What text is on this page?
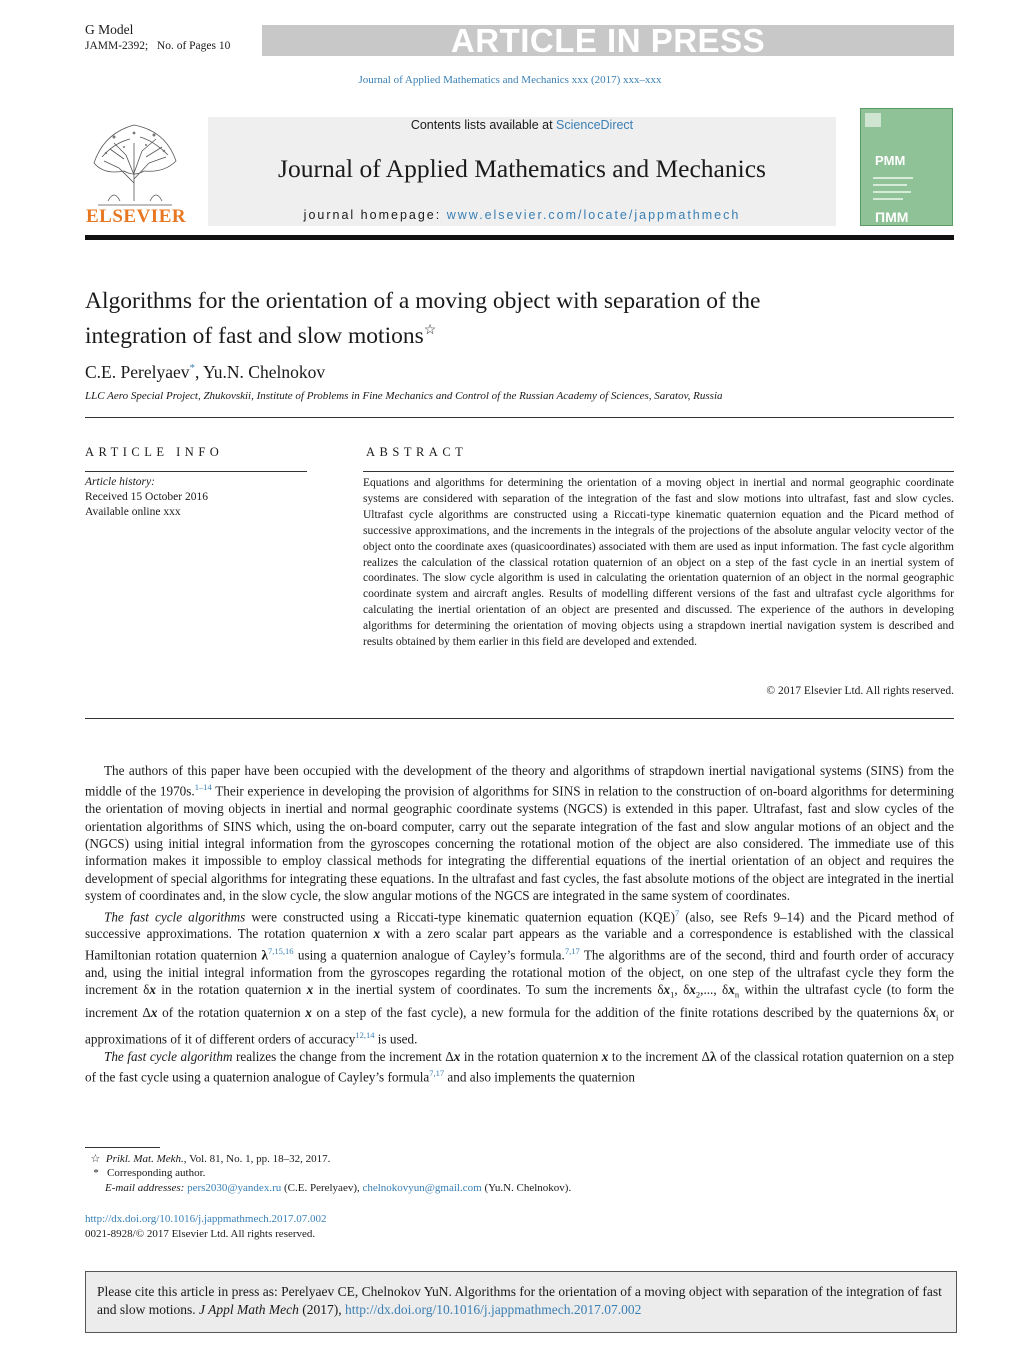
G Model
JAMM-2392; No. of Pages 10	ARTICLE IN PRESS
Journal of Applied Mathematics and Mechanics xxx (2017) xxx–xxx
ELSEVIER
Contents lists available at ScienceDirect
Journal of Applied Mathematics and Mechanics
journal homepage: www.elsevier.com/locate/jappmathmech
PMM
ПММ
Algorithms for the orientation of a moving object with separation of the integration of fast and slow motions☆
C.E. Perelyaev*, Yu.N. Chelnokov
LLC Aero Special Project, Zhukovskii, Institute of Problems in Fine Mechanics and Control of the Russian Academy of Sciences, Saratov, Russia
ARTICLE INFO	ABSTRACT
Article history:
Received 15 October 2016
Available online xxx
Equations and algorithms for determining the orientation of a moving object in inertial and normal geographic coordinate systems are considered with separation of the integration of the fast and slow motions into ultrafast, fast and slow cycles. Ultrafast cycle algorithms are constructed using a Riccati-type kinematic quaternion equation and the Picard method of successive approximations, and the increments in the integrals of the projections of the absolute angular velocity vector of the object onto the coordinate axes (quasicoordinates) associated with them are used as input information. The fast cycle algorithm realizes the calculation of the classical rotation quaternion of an object on a step of the fast cycle in an inertial system of coordinates. The slow cycle algorithm is used in calculating the orientation quaternion of an object in the normal geographic coordinate system and aircraft angles. Results of modelling different versions of the fast and ultrafast cycle algorithms for calculating the inertial orientation of an object are presented and discussed. The experience of the authors in developing algorithms for determining the orientation of moving objects using a strapdown inertial navigation system is described and results obtained by them earlier in this field are developed and extended.
© 2017 Elsevier Ltd. All rights reserved.

The authors of this paper have been occupied with the development of the theory and algorithms of strapdown inertial navigational systems (SINS) from the middle of the 1970s.$^{1-14}$ Their experience in developing the provision of algorithms for SINS in relation to the construction of on-board algorithms for determining the orientation of moving objects in inertial and normal geographic coordinate systems (NGCS) is extended in this paper. Ultrafast, fast and slow cycles of the orientation algorithms of SINS which, using the on-board computer, carry out the separate integration of the fast and slow angular motions of an object and the (NGCS) using initial integral information from the gyroscopes concerning the rotational motion of the object are also considered. The immediate use of this information makes it impossible to employ classical methods for integrating the differential equations of the inertial orientation of an object and requires the development of special algorithms for integrating these equations. In the ultrafast and fast cycles, the fast absolute motions of the object are integrated in the inertial system of coordinates and, in the slow cycle, the slow angular motions of the NGCS are integrated in the same system of coordinates.

The fast cycle algorithms were constructed using a Riccati-type kinematic quaternion equation (KQE)$^7$ (also, see Refs 9–14) and the Picard method of successive approximations. The rotation quaternion x with a zero scalar part appears as the variable and a correspondence is established with the classical Hamiltonian rotation quaternion $\lambda^{7,15,16}$ using a quaternion analogue of Cayley’s formula.$^{7,17}$ The algorithms are of the second, third and fourth order of accuracy and, using the initial integral information from the gyroscopes regarding the rotational motion of the object, on one step of the ultrafast cycle they form the increment δx in the rotation quaternion x in the inertial system of coordinates. To sum the increments $\delta x_1$, $\delta x_2$,..., $\delta x_n$ within the ultrafast cycle (to form the increment Δx of the rotation quaternion x on a step of the fast cycle), a new formula for the addition of the finite rotations described by the quaternions $\delta x_i$ or approximations of it of different orders of accuracy$^{12,14}$ is used.

The fast cycle algorithm realizes the change from the increment Δx in the rotation quaternion x to the increment Δλ of the classical rotation quaternion on a step of the fast cycle using a quaternion analogue of Cayley’s formula$^{7,17}$ and also implements the quaternion

☆ Prikl. Mat. Mekh., Vol. 81, No. 1, pp. 18–32, 2017.
* Corresponding author.
E-mail addresses: pers2030@yandex.ru (C.E. Perelyaev), chelnokovyun@gmail.com (Yu.N. Chelnokov).
http://dx.doi.org/10.1016/j.jappmathmech.2017.07.002
0021-8928/© 2017 Elsevier Ltd. All rights reserved.
Please cite this article in press as: Perelyaev CE, Chelnokov YuN. Algorithms for the orientation of a moving object with separation of the integration of fast and slow motions. J Appl Math Mech (2017), http://dx.doi.org/10.1016/j.jappmathmech.2017.07.002
